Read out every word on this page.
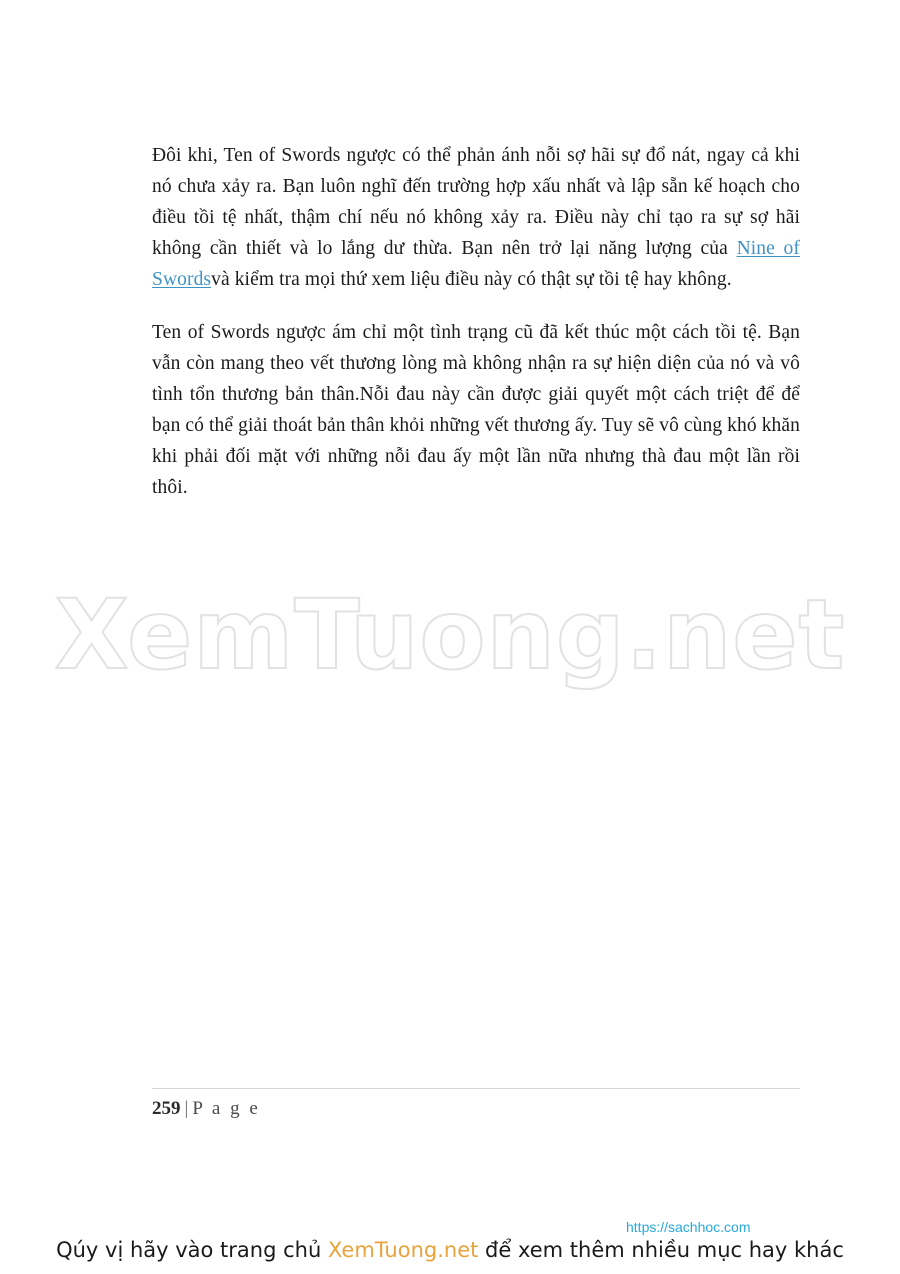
Đôi khi, Ten of Swords ngược có thể phản ánh nỗi sợ hãi sự đổ nát, ngay cả khi nó chưa xảy ra. Bạn luôn nghĩ đến trường hợp xấu nhất và lập sẵn kế hoạch cho điều tồi tệ nhất, thậm chí nếu nó không xảy ra. Điều này chỉ tạo ra sự sợ hãi không cần thiết và lo lắng dư thừa. Bạn nên trở lại năng lượng của Nine of Swordsvà kiểm tra mọi thứ xem liệu điều này có thật sự tồi tệ hay không.

Ten of Swords ngược ám chỉ một tình trạng cũ đã kết thúc một cách tồi tệ. Bạn vẫn còn mang theo vết thương lòng mà không nhận ra sự hiện diện của nó và vô tình tổn thương bản thân.Nỗi đau này cần được giải quyết một cách triệt để để bạn có thể giải thoát bản thân khỏi những vết thương ấy. Tuy sẽ vô cùng khó khăn khi phải đối mặt với những nỗi đau ấy một lần nữa nhưng thà đau một lần rồi thôi.

XemTuong.net
259 | P a g e
https://sachhoc.com
Qúy vị hãy vào trang chủ XemTuong.net để xem thêm nhiều mục hay khác
